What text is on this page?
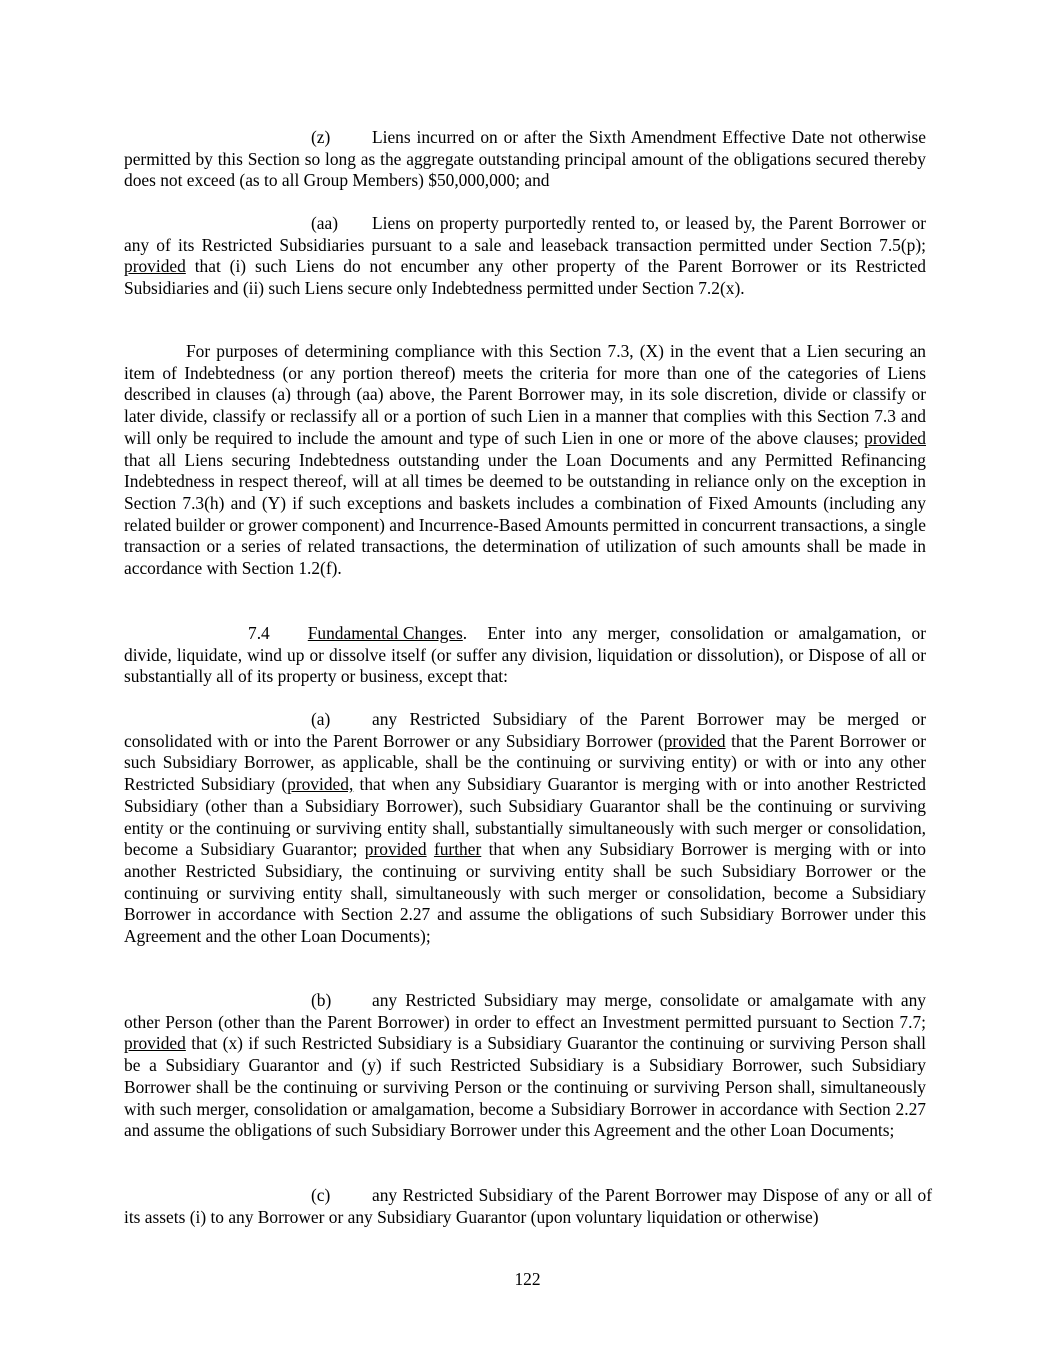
(z) Liens incurred on or after the Sixth Amendment Effective Date not otherwise permitted by this Section so long as the aggregate outstanding principal amount of the obligations secured thereby does not exceed (as to all Group Members) $50,000,000; and

(aa) Liens on property purportedly rented to, or leased by, the Parent Borrower or any of its Restricted Subsidiaries pursuant to a sale and leaseback transaction permitted under Section 7.5(p); provided that (i) such Liens do not encumber any other property of the Parent Borrower or its Restricted Subsidiaries and (ii) such Liens secure only Indebtedness permitted under Section 7.2(x).

For purposes of determining compliance with this Section 7.3, (X) in the event that a Lien securing an item of Indebtedness (or any portion thereof) meets the criteria for more than one of the categories of Liens described in clauses (a) through (aa) above, the Parent Borrower may, in its sole discretion, divide or classify or later divide, classify or reclassify all or a portion of such Lien in a manner that complies with this Section 7.3 and will only be required to include the amount and type of such Lien in one or more of the above clauses; provided that all Liens securing Indebtedness outstanding under the Loan Documents and any Permitted Refinancing Indebtedness in respect thereof, will at all times be deemed to be outstanding in reliance only on the exception in Section 7.3(h) and (Y) if such exceptions and baskets includes a combination of Fixed Amounts (including any related builder or grower component) and Incurrence-Based Amounts permitted in concurrent transactions, a single transaction or a series of related transactions, the determination of utilization of such amounts shall be made in accordance with Section 1.2(f).

7.4 Fundamental Changes.  Enter into any merger, consolidation or amalgamation, or divide, liquidate, wind up or dissolve itself (or suffer any division, liquidation or dissolution), or Dispose of all or substantially all of its property or business, except that:

(a) any Restricted Subsidiary of the Parent Borrower may be merged or consolidated with or into the Parent Borrower or any Subsidiary Borrower (provided that the Parent Borrower or such Subsidiary Borrower, as applicable, shall be the continuing or surviving entity) or with or into any other Restricted Subsidiary (provided, that when any Subsidiary Guarantor is merging with or into another Restricted Subsidiary (other than a Subsidiary Borrower), such Subsidiary Guarantor shall be the continuing or surviving entity or the continuing or surviving entity shall, substantially simultaneously with such merger or consolidation, become a Subsidiary Guarantor; provided further that when any Subsidiary Borrower is merging with or into another Restricted Subsidiary, the continuing or surviving entity shall be such Subsidiary Borrower or the continuing or surviving entity shall, simultaneously with such merger or consolidation, become a Subsidiary Borrower in accordance with Section 2.27 and assume the obligations of such Subsidiary Borrower under this Agreement and the other Loan Documents);

(b) any Restricted Subsidiary may merge, consolidate or amalgamate with any other Person (other than the Parent Borrower) in order to effect an Investment permitted pursuant to Section 7.7; provided that (x) if such Restricted Subsidiary is a Subsidiary Guarantor the continuing or surviving Person shall be a Subsidiary Guarantor and (y) if such Restricted Subsidiary is a Subsidiary Borrower, such Subsidiary Borrower shall be the continuing or surviving Person or the continuing or surviving Person shall, simultaneously with such merger, consolidation or amalgamation, become a Subsidiary Borrower in accordance with Section 2.27 and assume the obligations of such Subsidiary Borrower under this Agreement and the other Loan Documents;

(c) any Restricted Subsidiary of the Parent Borrower may Dispose of any or all of its assets (i) to any Borrower or any Subsidiary Guarantor (upon voluntary liquidation or otherwise)

122
